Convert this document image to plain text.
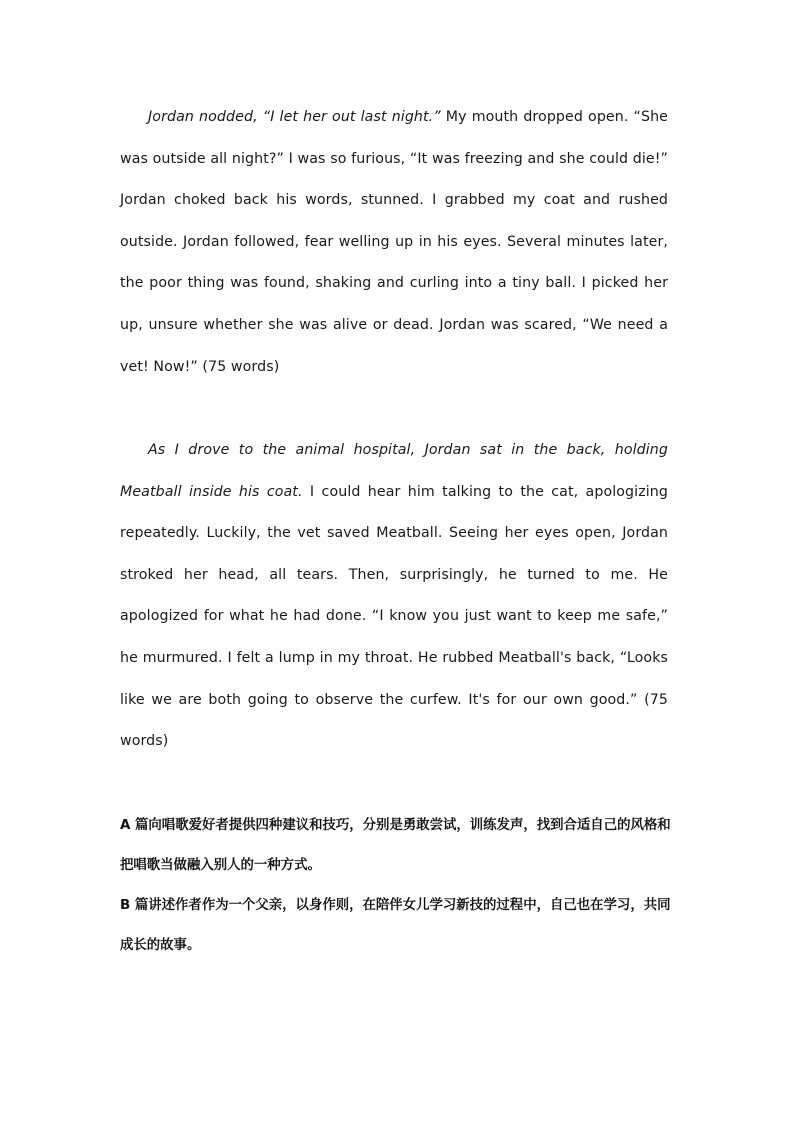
Jordan nodded, “I let her out last night.” My mouth dropped open. “She was outside all night?” I was so furious, “It was freezing and she could die!” Jordan choked back his words, stunned. I grabbed my coat and rushed outside. Jordan followed, fear welling up in his eyes. Several minutes later, the poor thing was found, shaking and curling into a tiny ball. I picked her up, unsure whether she was alive or dead. Jordan was scared, “We need a vet! Now!” (75 words)

As I drove to the animal hospital, Jordan sat in the back, holding Meatball inside his coat. I could hear him talking to the cat, apologizing repeatedly. Luckily, the vet saved Meatball. Seeing her eyes open, Jordan stroked her head, all tears. Then, surprisingly, he turned to me. He apologized for what he had done. “I know you just want to keep me safe,” he murmured. I felt a lump in my throat. He rubbed Meatball's back, “Looks like we are both going to observe the curfew. It's for our own good.” (75 words)

A 篇向唱歌爱好者提供四种建议和技巧，分别是勇敢尝试，训练发声，找到合适自己的风格和把唱歌当做融入别人的一种方式。

B 篇讲述作者作为一个父亲，以身作则，在陪伴女儿学习新技的过程中，自己也在学习，共同成长的故事。
